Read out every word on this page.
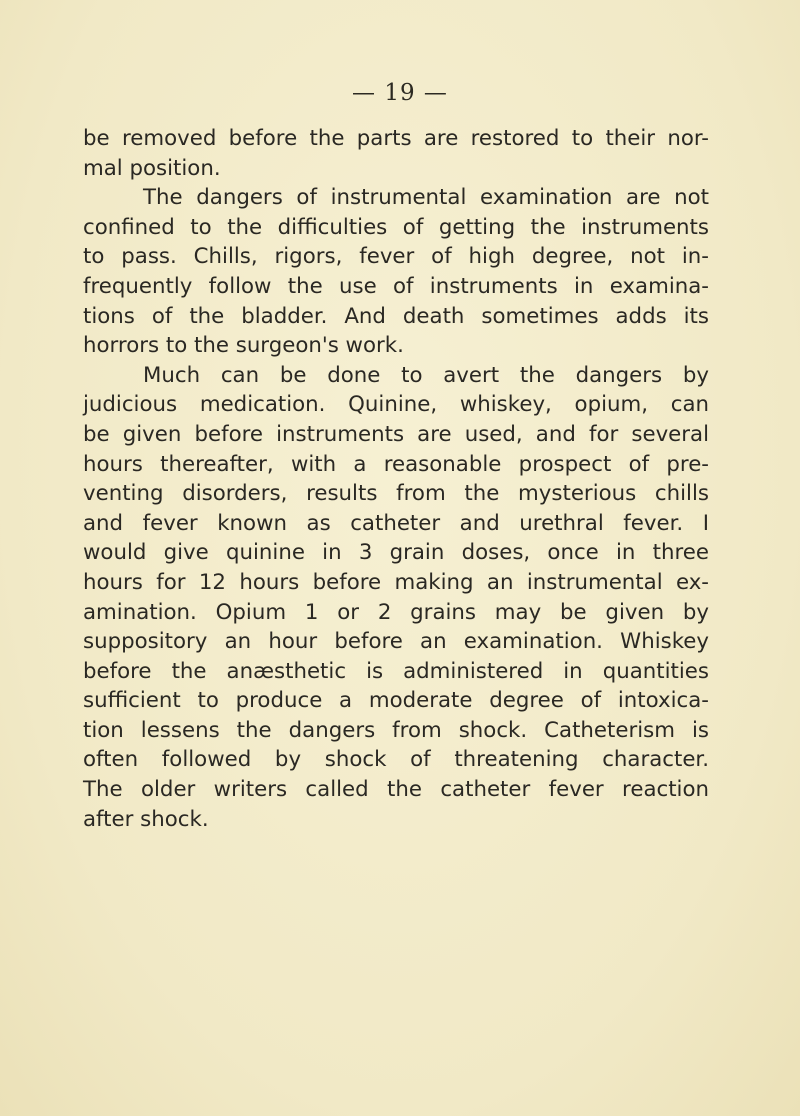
— 19 —
be removed before the parts are restored to their nor-
mal position.
The dangers of instrumental examination are not
confined to the difficulties of getting the instruments
to pass. Chills, rigors, fever of high degree, not in-
frequently follow the use of instruments in examina-
tions of the bladder. And death sometimes adds its
horrors to the surgeon's work.
Much can be done to avert the dangers by
judicious medication. Quinine, whiskey, opium, can
be given before instruments are used, and for several
hours thereafter, with a reasonable prospect of pre-
venting disorders, results from the mysterious chills
and fever known as catheter and urethral fever. I
would give quinine in 3 grain doses, once in three
hours for 12 hours before making an instrumental ex-
amination. Opium 1 or 2 grains may be given by
suppository an hour before an examination. Whiskey
before the anæsthetic is administered in quantities
sufficient to produce a moderate degree of intoxica-
tion lessens the dangers from shock. Catheterism is
often followed by shock of threatening character.
The older writers called the catheter fever reaction
after shock.
